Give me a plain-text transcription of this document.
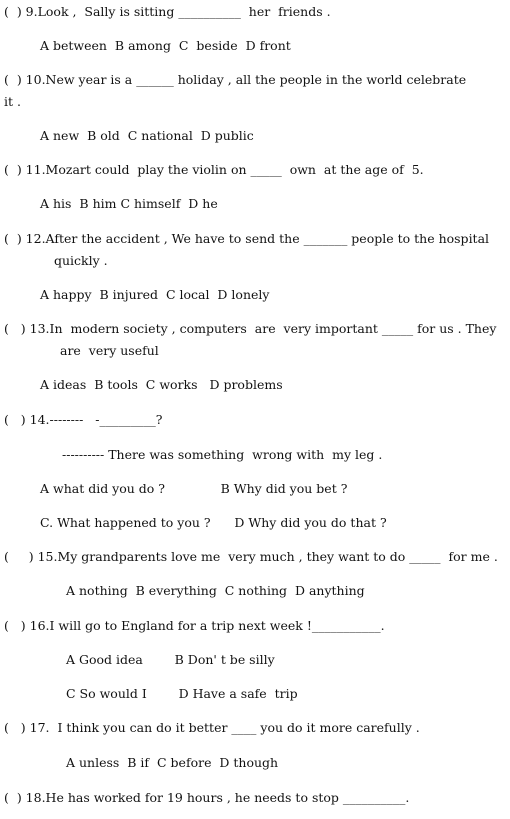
(  ) 9.Look ,  Sally is sitting __________  her  friends .
A between  B among  C  beside  D front
(  ) 10.New year is a ______ holiday , all the people in the world celebrate
it .
A new  B old  C national  D public
(  ) 11.Mozart could  play the violin on _____  own  at the age of  5.
A his  B him C himself  D he
(  ) 12.After the accident , We have to send the _______ people to the hospital
quickly .
A happy  B injured  C local  D lonely
(   ) 13.In  modern society , computers  are  very important _____ for us . They
are  very useful
A ideas  B tools  C works   D problems
(   ) 14.--------   -_________?
---------- There was something  wrong with  my leg .
A what did you do ?              B Why did you bet ?
C. What happened to you ?      D Why did you do that ?
(     ) 15.My grandparents love me  very much , they want to do _____  for me .
A nothing  B everything  C nothing  D anything
(   ) 16.I will go to England for a trip next week !___________.
A Good idea        B Don' t be silly
C So would I        D Have a safe  trip
(   ) 17.  I think you can do it better ____ you do it more carefully .
A unless  B if  C before  D though
(  ) 18.He has worked for 19 hours , he needs to stop __________.
